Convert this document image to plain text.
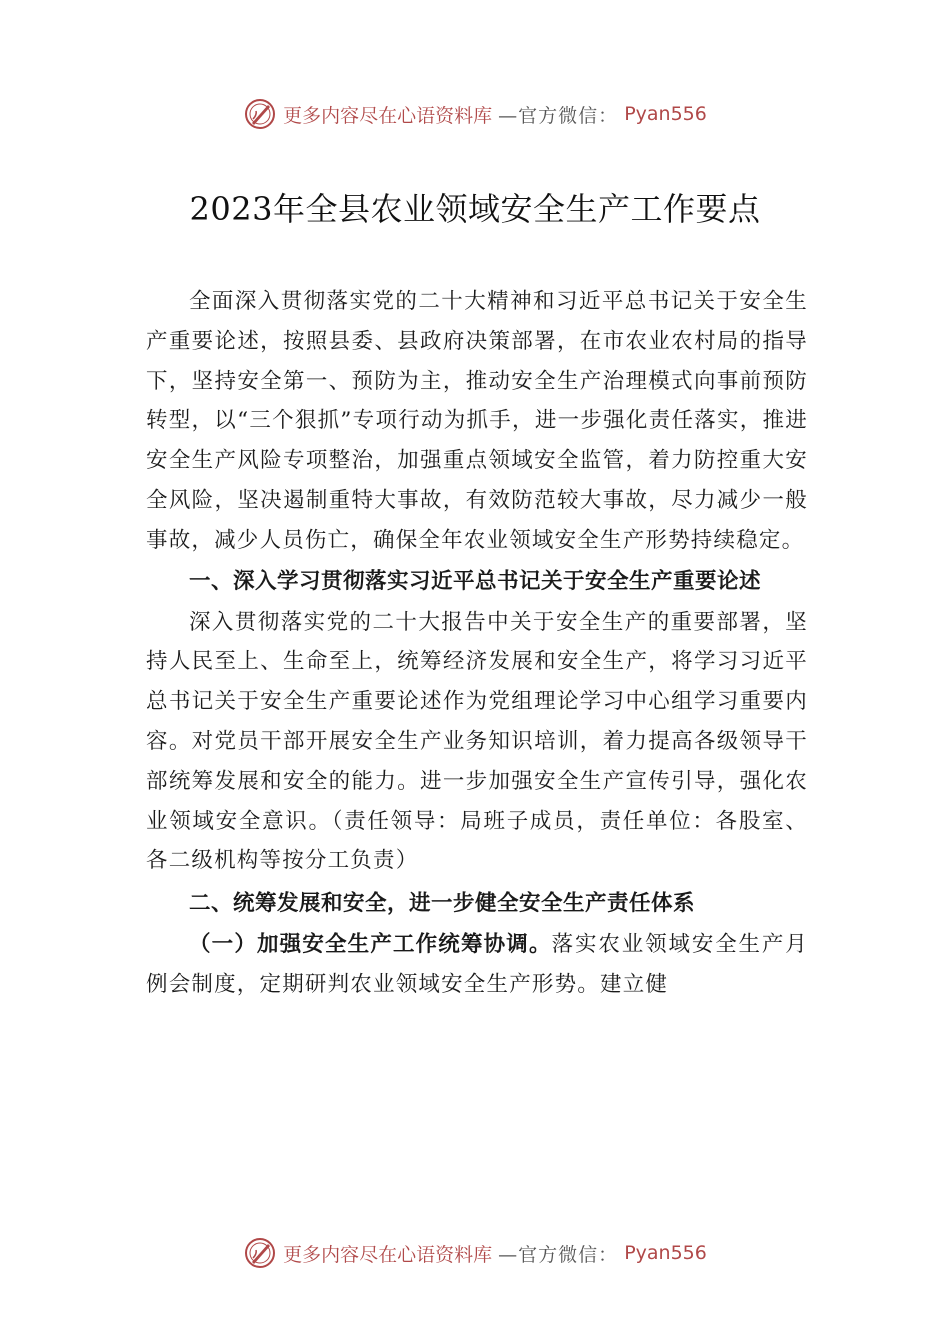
更多内容尽在心语资料库 —官方微信： Pyan556
2023年全县农业领域安全生产工作要点

全面深入贯彻落实党的二十大精神和习近平总书记关于安全生产重要论述，按照县委、县政府决策部署，在市农业农村局的指导下，坚持安全第一、预防为主，推动安全生产治理模式向事前预防转型，以“三个狠抓”专项行动为抓手，进一步强化责任落实，推进安全生产风险专项整治，加强重点领域安全监管，着力防控重大安全风险，坚决遏制重特大事故，有效防范较大事故，尽力减少一般事故，减少人员伤亡，确保全年农业领域安全生产形势持续稳定。

一、深入学习贯彻落实习近平总书记关于安全生产重要论述

深入贯彻落实党的二十大报告中关于安全生产的重要部署，坚持人民至上、生命至上，统筹经济发展和安全生产，将学习习近平总书记关于安全生产重要论述作为党组理论学习中心组学习重要内容。对党员干部开展安全生产业务知识培训，着力提高各级领导干部统筹发展和安全的能力。进一步加强安全生产宣传引导，强化农业领域安全意识。（责任领导：局班子成员，责任单位：各股室、各二级机构等按分工负责）

二、统筹发展和安全，进一步健全安全生产责任体系

（一）加强安全生产工作统筹协调。落实农业领域安全生产月例会制度，定期研判农业领域安全生产形势。建立健

更多内容尽在心语资料库 —官方微信： Pyan556
